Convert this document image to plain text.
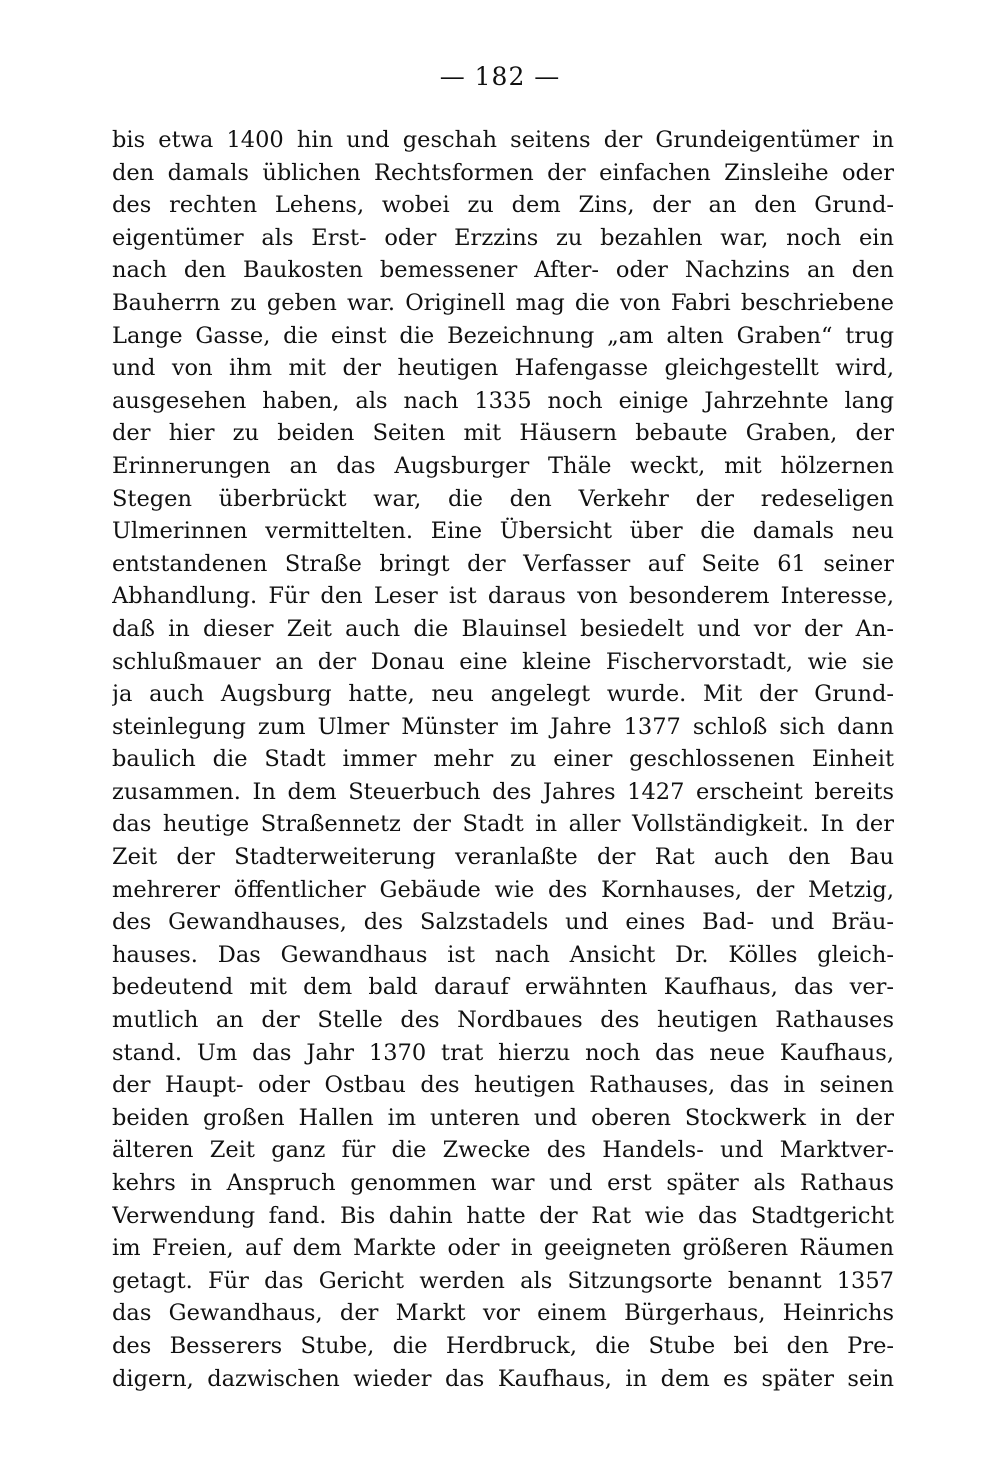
— 182 —
bis etwa 1400 hin und geschah seitens der Grundeigentümer in
den damals üblichen Rechtsformen der einfachen Zinsleihe oder
des rechten Lehens, wobei zu dem Zins, der an den Grund-
eigentümer als Erst- oder Erzzins zu bezahlen war, noch ein
nach den Baukosten bemessener After- oder Nachzins an den
Bauherrn zu geben war. Originell mag die von Fabri beschriebene
Lange Gasse, die einst die Bezeichnung „am alten Graben“ trug
und von ihm mit der heutigen Hafengasse gleichgestellt wird,
ausgesehen haben, als nach 1335 noch einige Jahrzehnte lang
der hier zu beiden Seiten mit Häusern bebaute Graben, der
Erinnerungen an das Augsburger Thäle weckt, mit hölzernen
Stegen überbrückt war, die den Verkehr der redeseligen
Ulmerinnen vermittelten. Eine Übersicht über die damals neu
entstandenen Straße bringt der Verfasser auf Seite 61 seiner
Abhandlung. Für den Leser ist daraus von besonderem Interesse,
daß in dieser Zeit auch die Blauinsel besiedelt und vor der An-
schlußmauer an der Donau eine kleine Fischervorstadt, wie sie
ja auch Augsburg hatte, neu angelegt wurde. Mit der Grund-
steinlegung zum Ulmer Münster im Jahre 1377 schloß sich dann
baulich die Stadt immer mehr zu einer geschlossenen Einheit
zusammen. In dem Steuerbuch des Jahres 1427 erscheint bereits
das heutige Straßennetz der Stadt in aller Vollständigkeit. In der
Zeit der Stadterweiterung veranlaßte der Rat auch den Bau
mehrerer öffentlicher Gebäude wie des Kornhauses, der Metzig,
des Gewandhauses, des Salzstadels und eines Bad- und Bräu-
hauses. Das Gewandhaus ist nach Ansicht Dr. Kölles gleich-
bedeutend mit dem bald darauf erwähnten Kaufhaus, das ver-
mutlich an der Stelle des Nordbaues des heutigen Rathauses
stand. Um das Jahr 1370 trat hierzu noch das neue Kaufhaus,
der Haupt- oder Ostbau des heutigen Rathauses, das in seinen
beiden großen Hallen im unteren und oberen Stockwerk in der
älteren Zeit ganz für die Zwecke des Handels- und Marktver-
kehrs in Anspruch genommen war und erst später als Rathaus
Verwendung fand. Bis dahin hatte der Rat wie das Stadtgericht
im Freien, auf dem Markte oder in geeigneten größeren Räumen
getagt. Für das Gericht werden als Sitzungsorte benannt 1357
das Gewandhaus, der Markt vor einem Bürgerhaus, Heinrichs
des Besserers Stube, die Herdbruck, die Stube bei den Pre-
digern, dazwischen wieder das Kaufhaus, in dem es später sein
